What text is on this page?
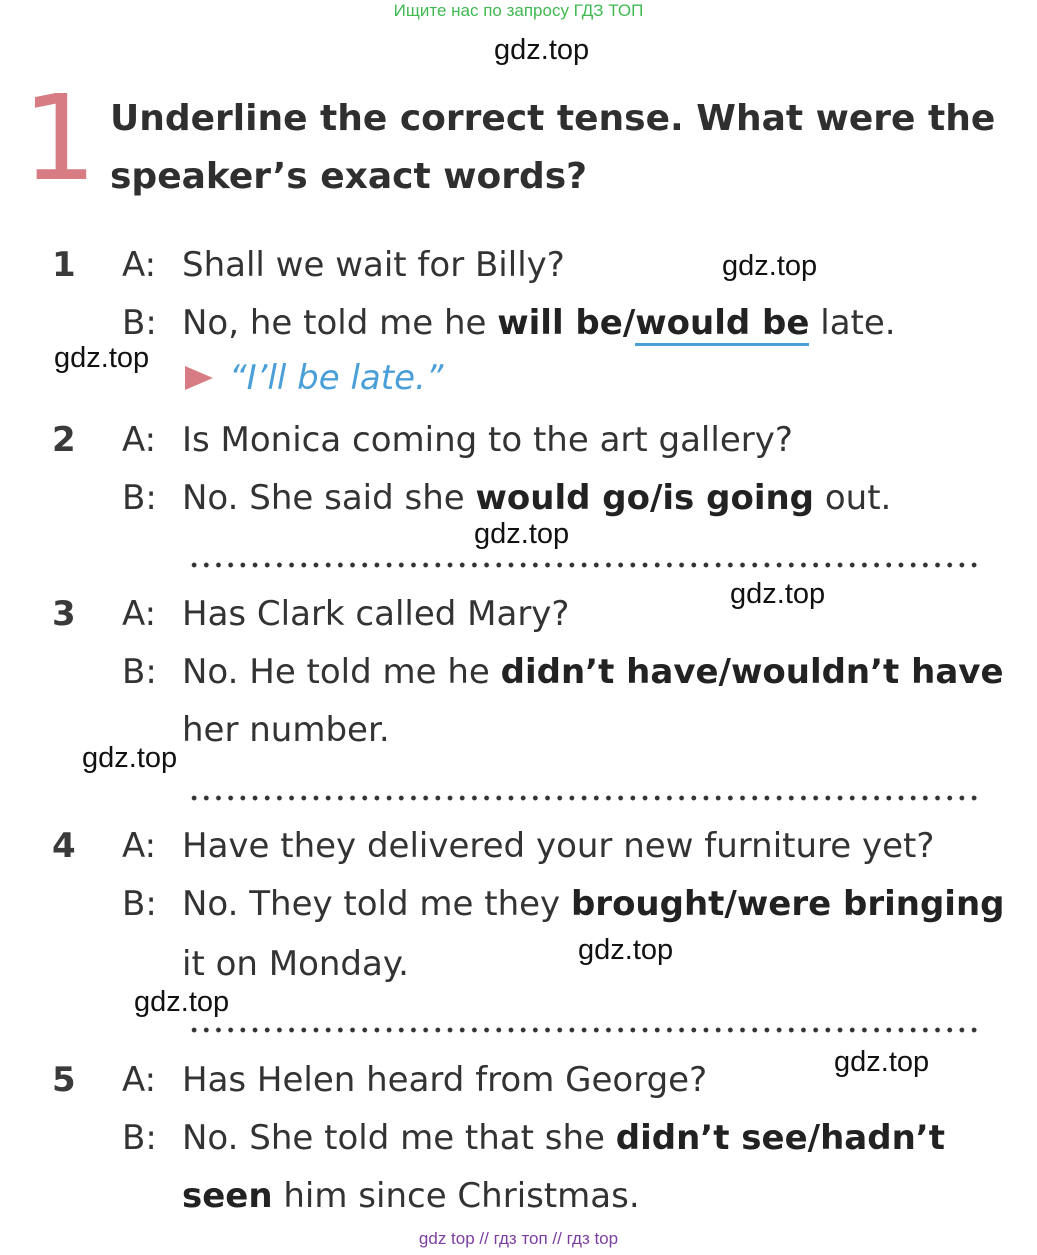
Ищите нас по запросу ГДЗ ТОП
gdz.top
1 Underline the correct tense. What were the
speaker’s exact words?
1 A: Shall we wait for Billy?	gdz.top
B: No, he told me he will be/would be late.
gdz.top	“I’ll be late.”
2 A: Is Monica coming to the art gallery?
B: No. She said she would go/is going out.
gdz.top
gdz.top
3 A: Has Clark called Mary?
B: No. He told me he didn’t have/wouldn’t have
her number.
gdz.top
4 A: Have they delivered your new furniture yet?
B: No. They told me they brought/were bringing
it on Monday.	gdz.top
gdz.top
gdz.top
5 A: Has Helen heard from George?
B: No. She told me that she didn’t see/hadn’t
seen him since Christmas.
gdz top // гдз топ // гдз top
